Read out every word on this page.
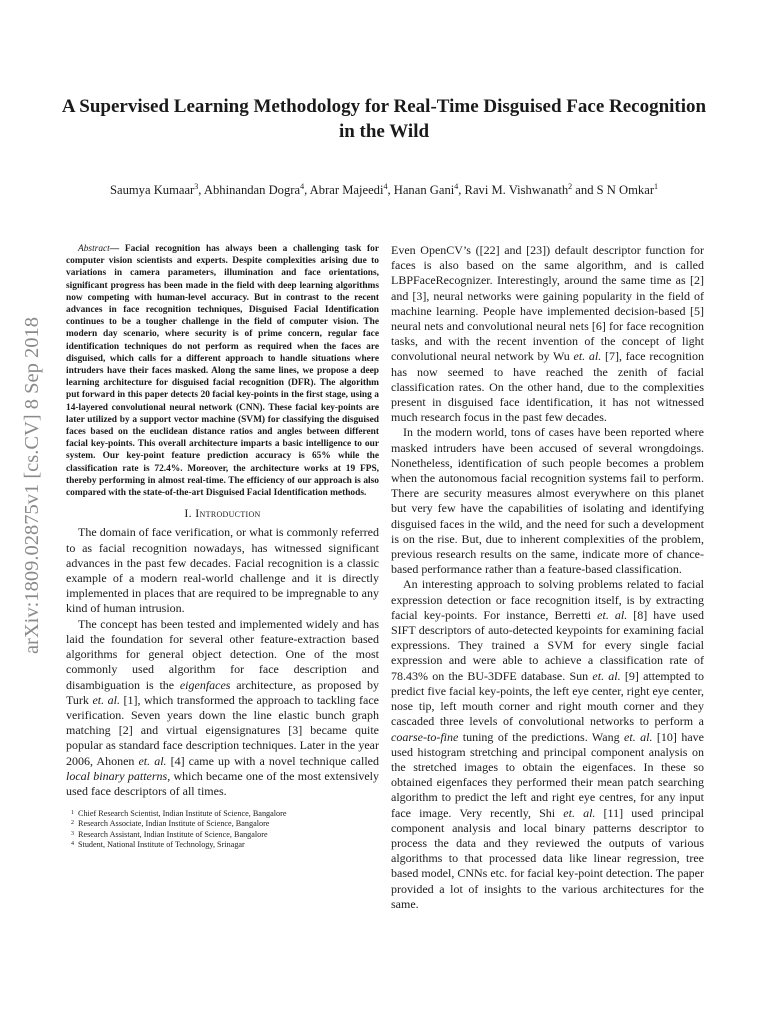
A Supervised Learning Methodology for Real-Time Disguised Face Recognition in the Wild

Saumya Kumaar$^3$, Abhinandan Dogra$^4$, Abrar Majeedi$^4$, Hanan Gani$^4$, Ravi M. Vishwanath$^2$ and S N Omkar$^1$

arXiv:1809.02875v1 [cs.CV] 8 Sep 2018

Abstract— Facial recognition has always been a challenging task for computer vision scientists and experts. Despite complexities arising due to variations in camera parameters, illumination and face orientations, significant progress has been made in the field with deep learning algorithms now competing with human-level accuracy. But in contrast to the recent advances in face recognition techniques, Disguised Facial Identification continues to be a tougher challenge in the field of computer vision. The modern day scenario, where security is of prime concern, regular face identification techniques do not perform as required when the faces are disguised, which calls for a different approach to handle situations where intruders have their faces masked. Along the same lines, we propose a deep learning architecture for disguised facial recognition (DFR). The algorithm put forward in this paper detects 20 facial key-points in the first stage, using a 14-layered convolutional neural network (CNN). These facial key-points are later utilized by a support vector machine (SVM) for classifying the disguised faces based on the euclidean distance ratios and angles between different facial key-points. This overall architecture imparts a basic intelligence to our system. Our key-point feature prediction accuracy is 65% while the classification rate is 72.4%. Moreover, the architecture works at 19 FPS, thereby performing in almost real-time. The efficiency of our approach is also compared with the state-of-the-art Disguised Facial Identification methods.

I. Introduction

The domain of face verification, or what is commonly referred to as facial recognition nowadays, has witnessed significant advances in the past few decades. Facial recognition is a classic example of a modern real-world challenge and it is directly implemented in places that are required to be impregnable to any kind of human intrusion.

The concept has been tested and implemented widely and has laid the foundation for several other feature-extraction based algorithms for general object detection. One of the most commonly used algorithm for face description and disambiguation is the eigenfaces architecture, as proposed by Turk et. al. [1], which transformed the approach to tackling face verification. Seven years down the line elastic bunch graph matching [2] and virtual eigensignatures [3] became quite popular as standard face description techniques. Later in the year 2006, Ahonen et. al. [4] came up with a novel technique called local binary patterns, which became one of the most extensively used face descriptors of all times.

1 Chief Research Scientist, Indian Institute of Science, Bangalore
2 Research Associate, Indian Institute of Science, Bangalore
3 Research Assistant, Indian Institute of Science, Bangalore
4 Student, National Institute of Technology, Srinagar

Even OpenCV’s ([22] and [23]) default descriptor function for faces is also based on the same algorithm, and is called LBPFaceRecognizer. Interestingly, around the same time as [2] and [3], neural networks were gaining popularity in the field of machine learning. People have implemented decision-based [5] neural nets and convolutional neural nets [6] for face recognition tasks, and with the recent invention of the concept of light convolutional neural network by Wu et. al. [7], face recognition has now seemed to have reached the zenith of facial classification rates. On the other hand, due to the complexities present in disguised face identification, it has not witnessed much research focus in the past few decades.

In the modern world, tons of cases have been reported where masked intruders have been accused of several wrongdoings. Nonetheless, identification of such people becomes a problem when the autonomous facial recognition systems fail to perform. There are security measures almost everywhere on this planet but very few have the capabilities of isolating and identifying disguised faces in the wild, and the need for such a development is on the rise. But, due to inherent complexities of the problem, previous research results on the same, indicate more of chance-based performance rather than a feature-based classification.

An interesting approach to solving problems related to facial expression detection or face recognition itself, is by extracting facial key-points. For instance, Berretti et. al. [8] have used SIFT descriptors of auto-detected keypoints for examining facial expressions. They trained a SVM for every single facial expression and were able to achieve a classification rate of 78.43% on the BU-3DFE database. Sun et. al. [9] attempted to predict five facial key-points, the left eye center, right eye center, nose tip, left mouth corner and right mouth corner and they cascaded three levels of convolutional networks to perform a coarse-to-fine tuning of the predictions. Wang et. al. [10] have used histogram stretching and principal component analysis on the stretched images to obtain the eigenfaces. In these so obtained eigenfaces they performed their mean patch searching algorithm to predict the left and right eye centres, for any input face image. Very recently, Shi et. al. [11] used principal component analysis and local binary patterns descriptor to process the data and they reviewed the outputs of various algorithms to that processed data like linear regression, tree based model, CNNs etc. for facial key-point detection. The paper provided a lot of insights to the various architectures for the same.
